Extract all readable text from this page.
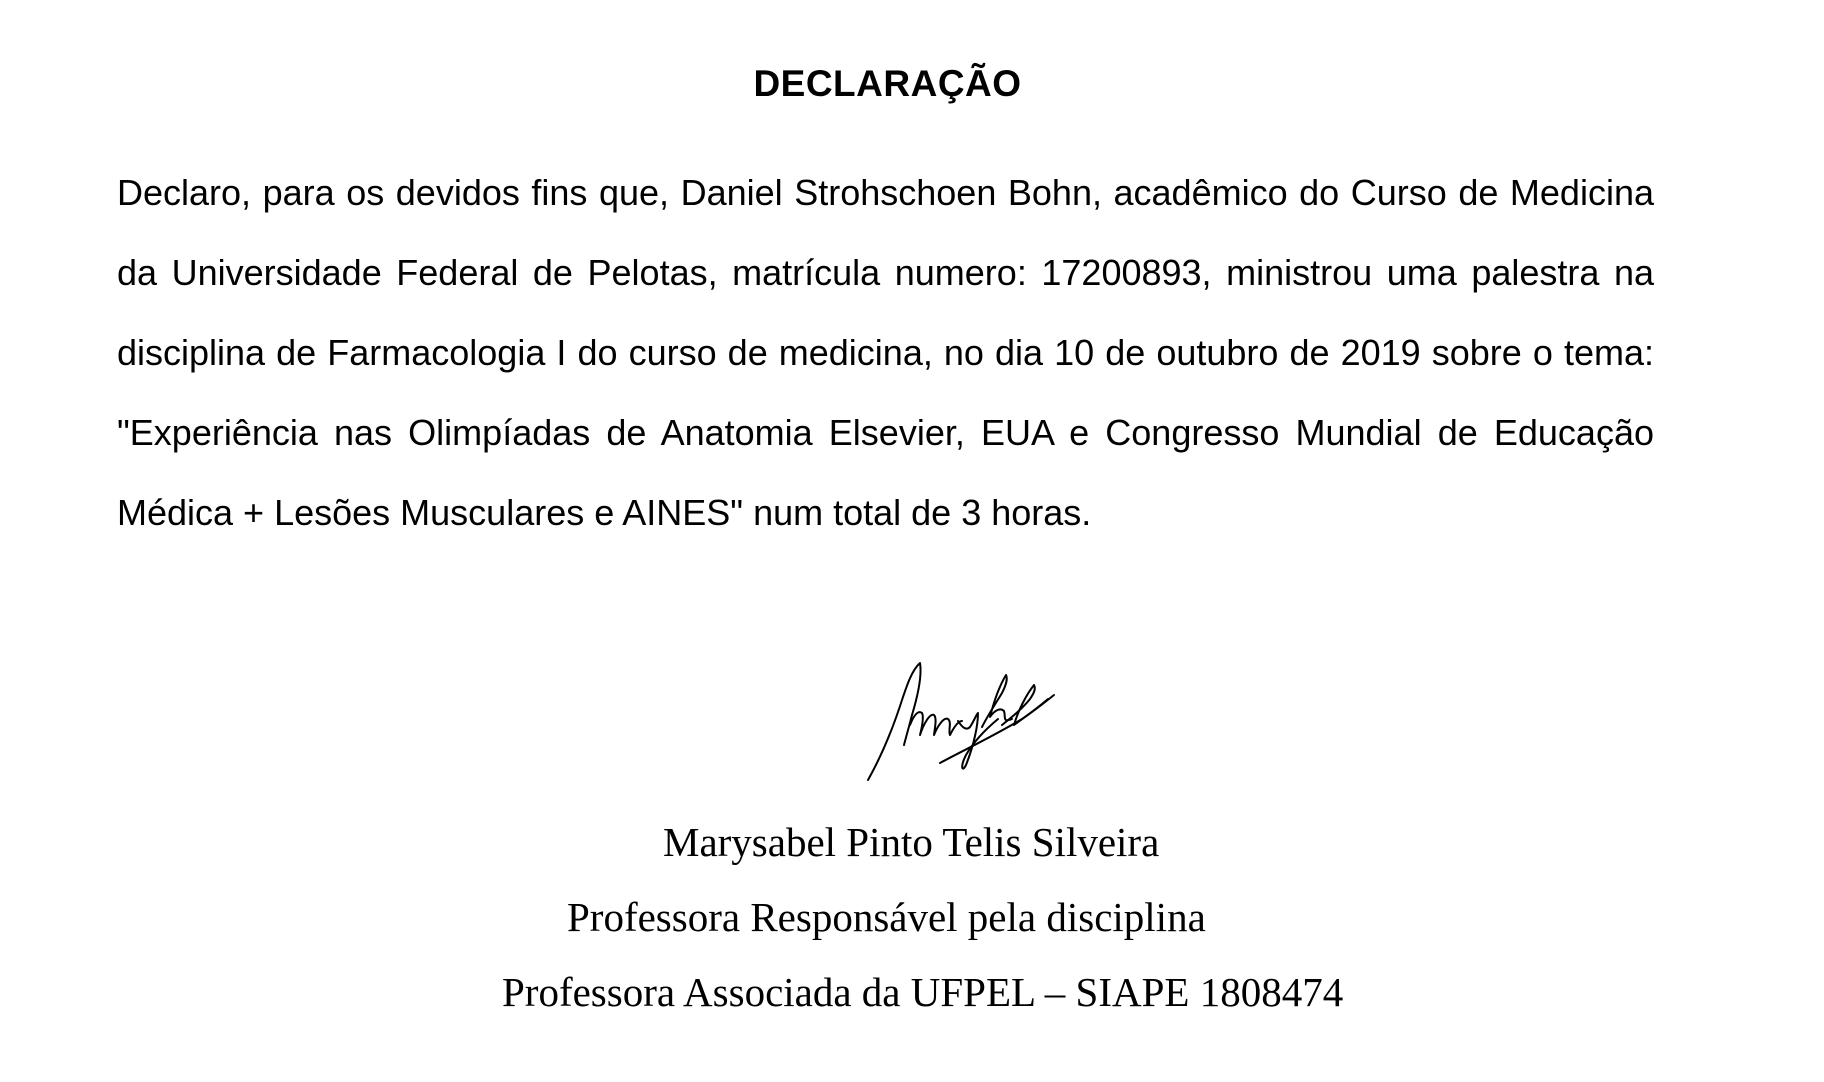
DECLARAÇÃO

Declaro, para os devidos fins que, Daniel Strohschoen Bohn, acadêmico do Curso de Medicina da Universidade Federal de Pelotas, matrícula numero: 17200893, ministrou uma palestra na disciplina de Farmacologia I do curso de medicina, no dia 10 de outubro de 2019 sobre o tema: "Experiência nas Olimpíadas de Anatomia Elsevier, EUA e Congresso Mundial de Educação Médica + Lesões Musculares e AINES" num total de 3 horas.

Marysabel Pinto Telis Silveira
Professora Responsável pela disciplina
Professora Associada da UFPEL – SIAPE 1808474
